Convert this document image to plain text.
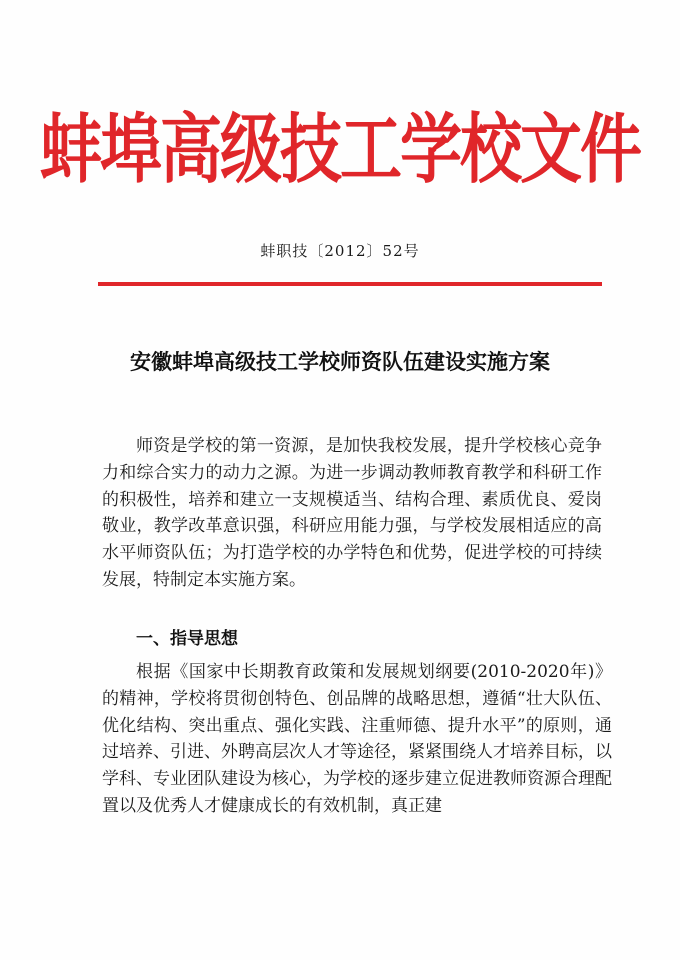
蚌埠高级技工学校文件
蚌职技〔2012〕52号
安徽蚌埠高级技工学校师资队伍建设实施方案
师资是学校的第一资源，是加快我校发展，提升学校核心竞争力和综合实力的动力之源。为进一步调动教师教育教学和科研工作的积极性，培养和建立一支规模适当、结构合理、素质优良、爱岗敬业，教学改革意识强，科研应用能力强，与学校发展相适应的高水平师资队伍；为打造学校的办学特色和优势，促进学校的可持续发展，特制定本实施方案。
一、指导思想
根据《国家中长期教育政策和发展规划纲要(2010-2020年)》的精神，学校将贯彻创特色、创品牌的战略思想，遵循“壮大队伍、优化结构、突出重点、强化实践、注重师德、提升水平”的原则，通过培养、引进、外聘高层次人才等途径，紧紧围绕人才培养目标，以学科、专业团队建设为核心，为学校的逐步建立促进教师资源合理配置以及优秀人才健康成长的有效机制，真正建
